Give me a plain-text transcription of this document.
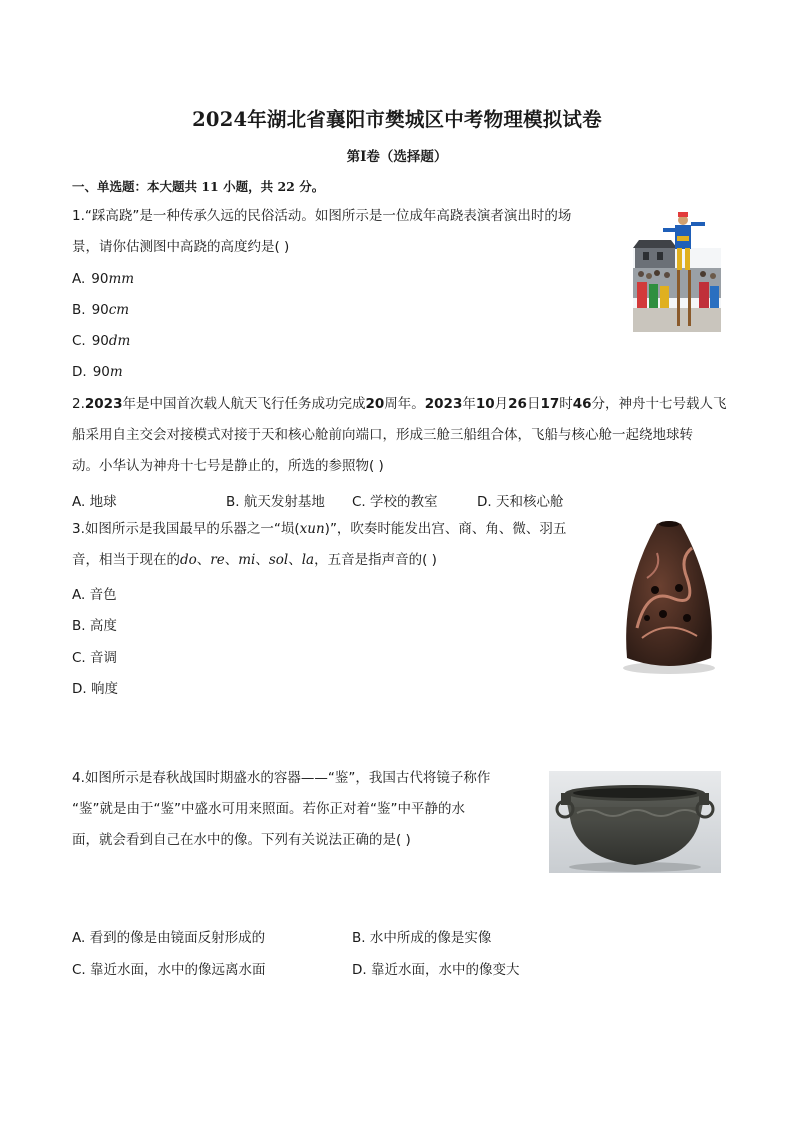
2024年湖北省襄阳市樊城区中考物理模拟试卷
第I卷（选择题）
一、单选题：本大题共 11 小题，共 22 分。
1.“踩高跷”是一种传承久远的民俗活动。如图所示是一位成年高跷表演者演出时的场
景，请你估测图中高跷的高度约是( )
A. 90mm
B. 90cm
C. 90dm
D. 90m
2.2023年是中国首次载人航天飞行任务成功完成20周年。2023年10月26日17时46分，神舟十七号载人飞
船采用自主交会对接模式对接于天和核心舱前向端口，形成三舱三船组合体，飞船与核心舱一起绕地球转
动。小华认为神舟十七号是静止的，所选的参照物( )
A. 地球	B. 航天发射基地 C. 学校的教室	D. 天和核心舱
3.如图所示是我国最早的乐器之一“埙(xun)”，吹奏时能发出宫、商、角、微、羽五
音，相当于现在的do、re、mi、sol、la，五音是指声音的( )
A. 音色
B. 高度
C. 音调
D. 响度
4.如图所示是春秋战国时期盛水的容器——“鉴”，我国古代将镜子称作
“鉴”就是由于“鉴”中盛水可用来照面。若你正对着“鉴”中平静的水
面，就会看到自己在水中的像。下列有关说法正确的是( )
A. 看到的像是由镜面反射形成的	B. 水中所成的像是实像
C. 靠近水面，水中的像远离水面	D. 靠近水面，水中的像变大
